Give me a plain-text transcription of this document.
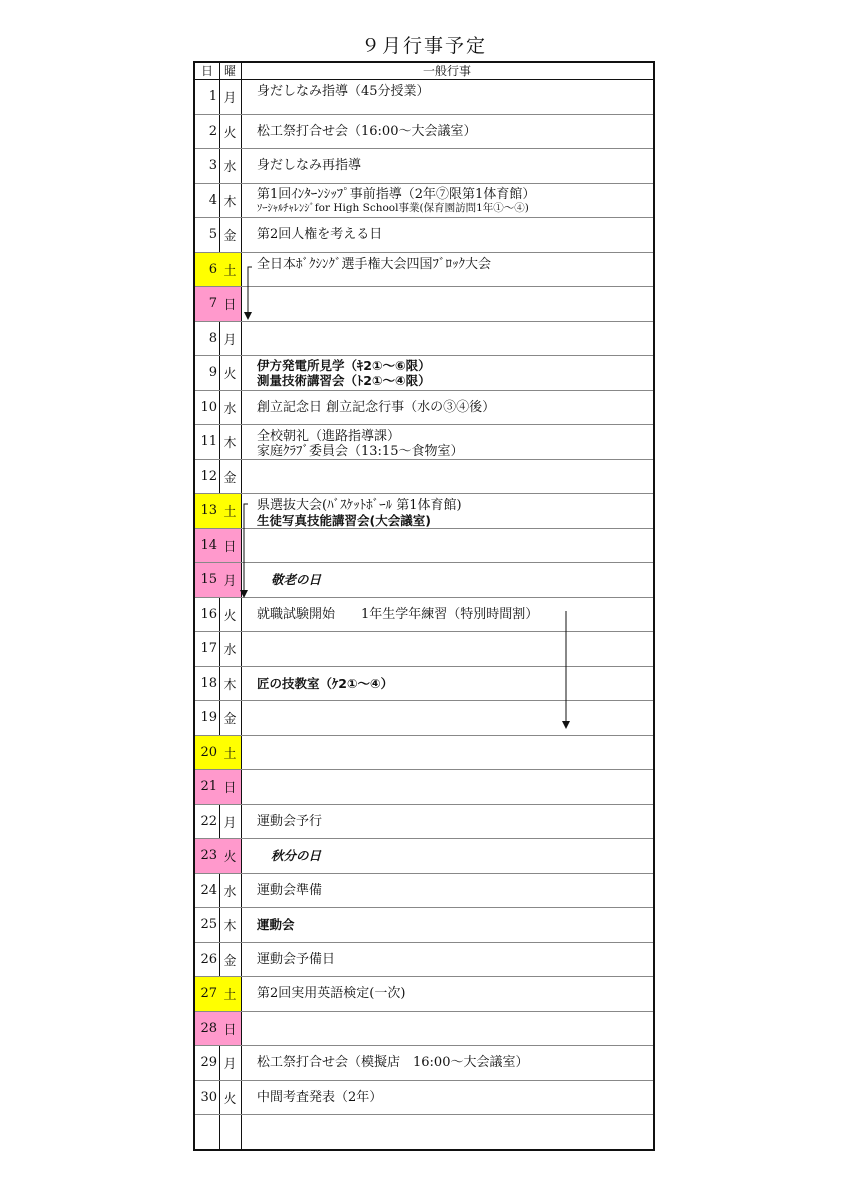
９月行事予定
日 曜	一般行事
1 月	身だしなみ指導（45分授業）
2 火	松工祭打合せ会（16:00～大会議室）
3 水	身だしなみ再指導
4 木
第1回ｲﾝﾀｰﾝｼｯﾌﾟ事前指導（2年⑦限第1体育館）
ｿｰｼｬﾙﾁｬﾚﾝｼﾞfor High School事業(保育園訪問1年①～④)
5 金	第2回人権を考える日
6 土	全日本ﾎﾞｸｼﾝｸﾞ選手権大会四国ﾌﾞﾛｯｸ大会
7 日
8 月
9 火
伊方発電所見学（ｷ2①～⑥限）
測量技術講習会（ﾄ2①～④限）
10 水	創立記念日 創立記念行事（水の③④後）
11 木	全校朝礼（進路指導課）
家庭ｸﾗﾌﾞ委員会（13:15～食物室）
12 金
13 土	県選抜大会(ﾊﾞｽｹｯﾄﾎﾞｰﾙ 第1体育館)
生徒写真技能講習会(大会議室)
14 日
15 月	敬老の日
16 火	就職試験開始　　1年生学年練習（特別時間割）
17 水
18 木	匠の技教室（ｹ2①～④）
19 金
20 土
21 日
22 月	運動会予行
23 火	秋分の日
24 水	運動会準備
25 木	運動会
26 金	運動会予備日
27 土	第2回実用英語検定(一次)
28 日
29 月	松工祭打合せ会（模擬店　16:00～大会議室）
30 火	中間考査発表（2年）
